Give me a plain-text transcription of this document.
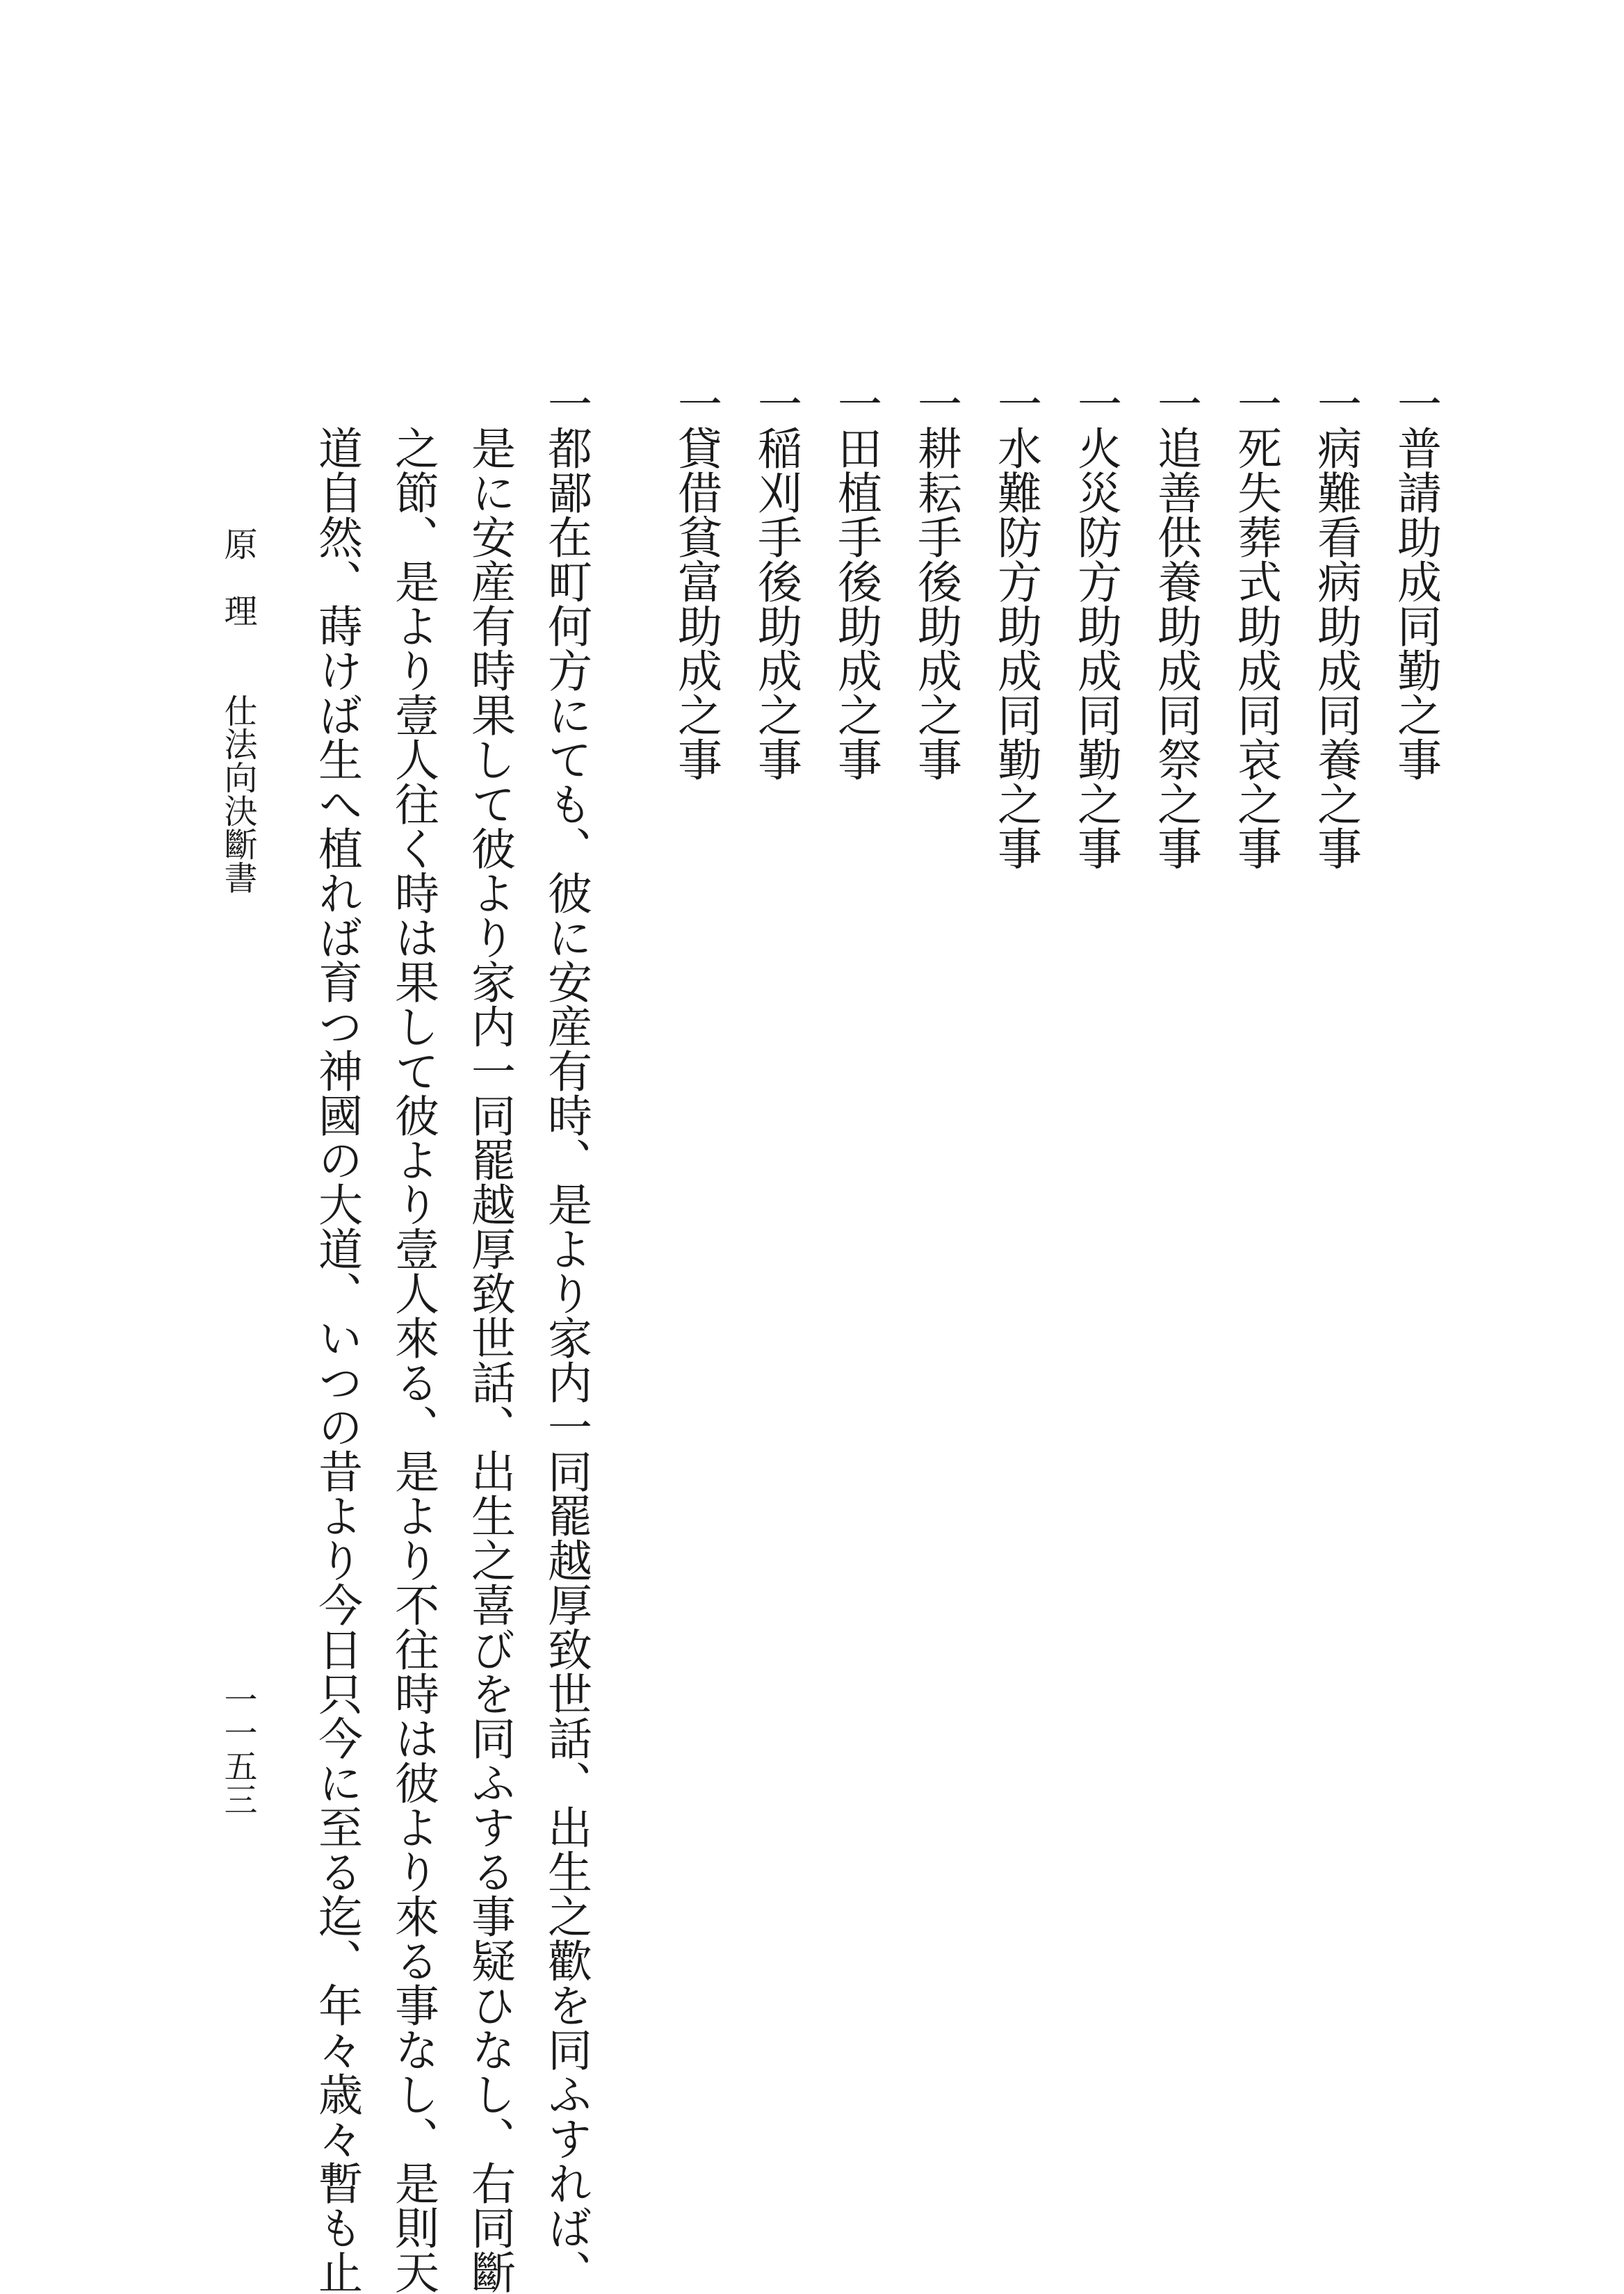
一普請助成同勤之事
一病難看病助成同養之事
一死失葬式助成同哀之事
一追善供養助成同祭之事
一火災防方助成同勤之事
一水難防方助成同勤之事
一耕耘手後助成之事
一田植手後助成之事
一稲刈手後助成之事
一貸借貧富助成之事
一都鄙在町何方にても、彼に安産有時、是より家内一同罷越厚致世話、出生之歡を同ふすれば、
是に安産有時果して彼より家内一同罷越厚致世話、出生之喜びを同ふする事疑ひなし、右同斷
之節、是より壹人往く時は果して彼より壹人來る、是より不往時は彼より來る事なし、是則天
道自然、蒔けば生へ植れば育つ神國の大道、いつの昔より今日只今に至る迄、年々歳々暫も止
原　理　　仕法向決斷書
一一五三
